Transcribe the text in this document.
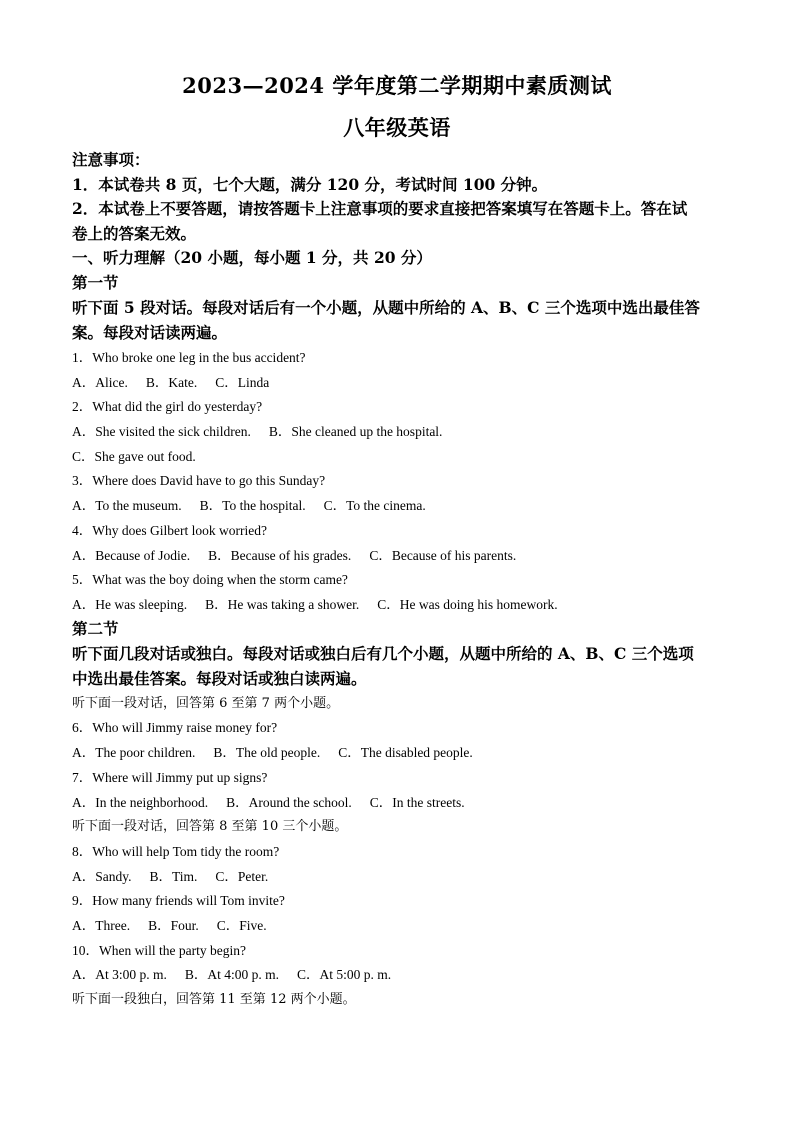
2023—2024 学年度第二学期期中素质测试
八年级英语
注意事项：
1．本试卷共 8 页，七个大题，满分 120 分，考试时间 100 分钟。
2．本试卷上不要答题，请按答题卡上注意事项的要求直接把答案填写在答题卡上。答在试
卷上的答案无效。
一、听力理解（20 小题，每小题 1 分，共 20 分）
第一节
听下面 5 段对话。每段对话后有一个小题，从题中所给的 A、B、C 三个选项中选出最佳答
案。每段对话读两遍。
1．Who broke one leg in the bus accident?
A．Alice. B．Kate. C．Linda
2．What did the girl do yesterday?
A．She visited the sick children. B．She cleaned up the hospital.
C．She gave out food.
3．Where does David have to go this Sunday?
A．To the museum. B．To the hospital. C．To the cinema.
4．Why does Gilbert look worried?
A．Because of Jodie. B．Because of his grades. C．Because of his parents.
5．What was the boy doing when the storm came?
A．He was sleeping. B．He was taking a shower. C．He was doing his homework.
第二节
听下面几段对话或独白。每段对话或独白后有几个小题，从题中所给的 A、B、C 三个选项
中选出最佳答案。每段对话或独白读两遍。
听下面一段对话，回答第 6 至第 7 两个小题。
6．Who will Jimmy raise money for?
A．The poor children. B．The old people. C．The disabled people.
7．Where will Jimmy put up signs?
A．In the neighborhood. B．Around the school. C．In the streets.
听下面一段对话，回答第 8 至第 10 三个小题。
8．Who will help Tom tidy the room?
A．Sandy. B．Tim. C．Peter.
9．How many friends will Tom invite?
A．Three. B．Four. C．Five.
10．When will the party begin?
A．At 3:00 p. m. B．At 4:00 p. m. C．At 5:00 p. m.
听下面一段独白，回答第 11 至第 12 两个小题。
